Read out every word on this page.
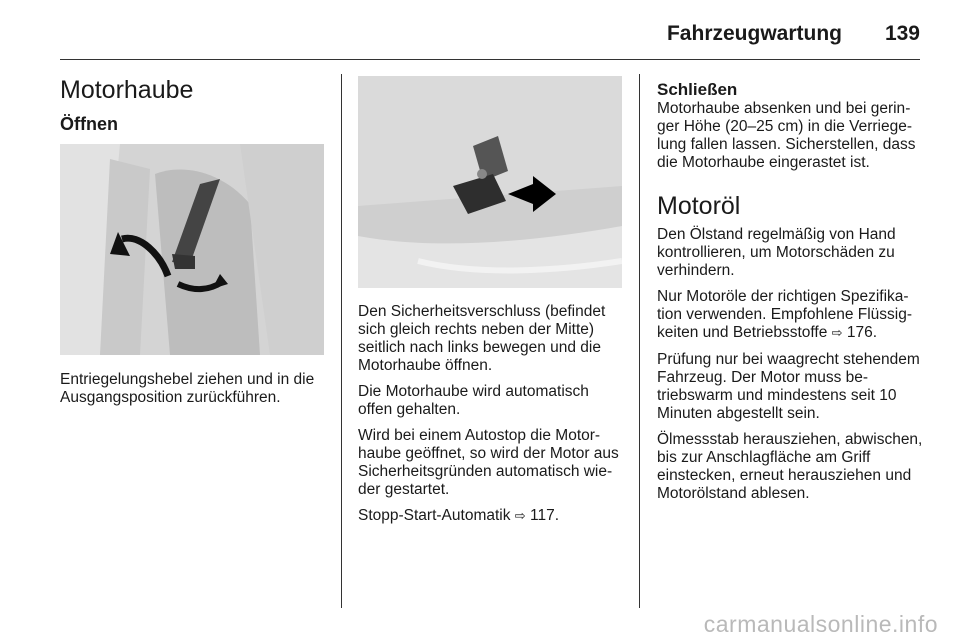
Fahrzeugwartung 139
Motorhaube
Öffnen

Entriegelungshebel ziehen und in die Ausgangsposition zurückführen.

Den Sicherheitsverschluss (befindet sich gleich rechts neben der Mitte) seitlich nach links bewegen und die Motorhaube öffnen.

Die Motorhaube wird automatisch offen gehalten.

Wird bei einem Autostop die Motorhaube geöffnet, so wird der Motor aus Sicherheitsgründen automatisch wieder gestartet.

Stopp-Start-Automatik ⇨ 117.

Schließen

Motorhaube absenken und bei geringer Höhe (20–25 cm) in die Verriegelung fallen lassen. Sicherstellen, dass die Motorhaube eingerastet ist.

Motoröl

Den Ölstand regelmäßig von Hand kontrollieren, um Motorschäden zu verhindern.

Nur Motoröle der richtigen Spezifikation verwenden. Empfohlene Flüssigkeiten und Betriebsstoffe ⇨ 176.

Prüfung nur bei waagrecht stehendem Fahrzeug. Der Motor muss betriebswarm und mindestens seit 10 Minuten abgestellt sein.

Ölmessstab herausziehen, abwischen, bis zur Anschlagfläche am Griff einstecken, erneut herausziehen und Motorölstand ablesen.

carmanualsonline.info
